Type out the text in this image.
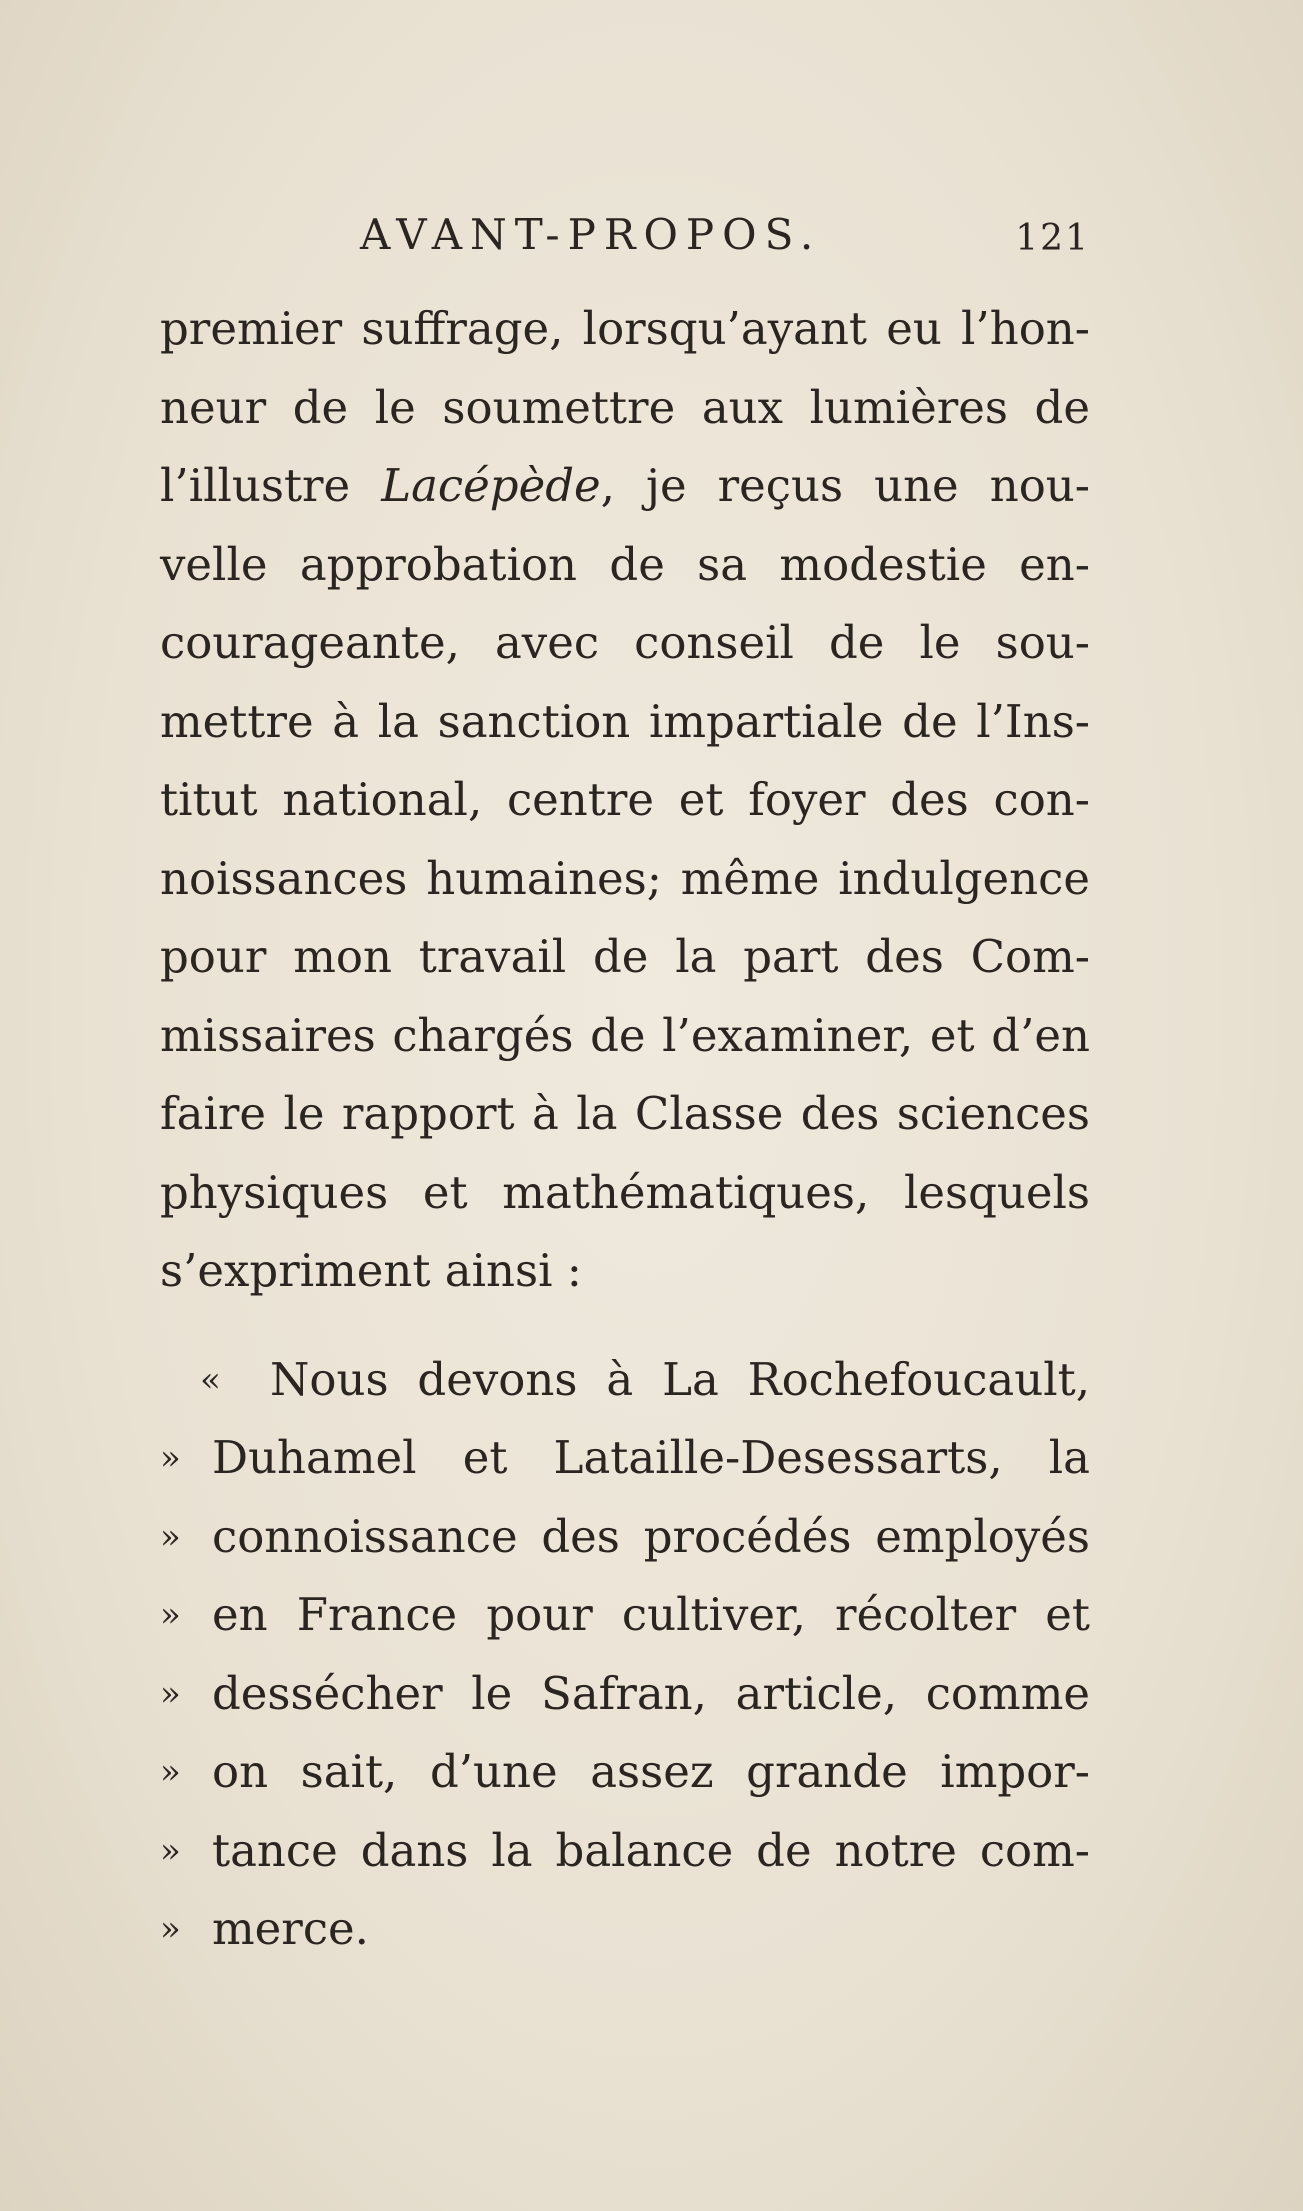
AVANT-PROPOS.	121
premier suffrage, lorsqu’ayant eu l’hon-
neur de le soumettre aux lumières de
l’illustre Lacépède, je reçus une nou-
velle approbation de sa modestie en-
courageante, avec conseil de le sou-
mettre à la sanction impartiale de l’Ins-
titut national, centre et foyer des con-
noissances humaines; même indulgence
pour mon travail de la part des Com-
missaires chargés de l’examiner, et d’en
faire le rapport à la Classe des sciences
physiques et mathématiques, lesquels
s’expriment ainsi :
«	Nous devons à La Rochefoucault,
» Duhamel et Lataille-Desessarts, la
» connoissance des procédés employés
» en France pour cultiver, récolter et
» dessécher le Safran, article, comme
» on sait, d’une assez grande impor-
» tance dans la balance de notre com-
» merce.
